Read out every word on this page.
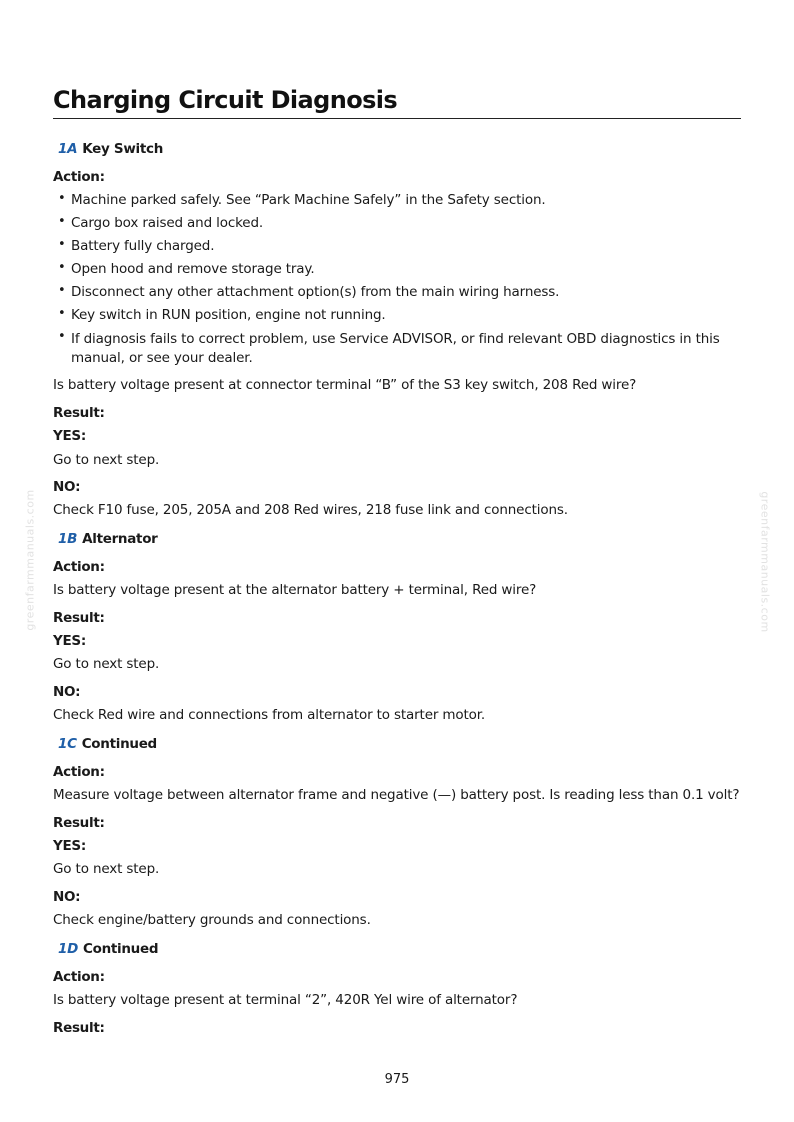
Charging Circuit Diagnosis
1A Key Switch
Action:
• Machine parked safely. See “Park Machine Safely” in the Safety section.
• Cargo box raised and locked.
• Battery fully charged.
• Open hood and remove storage tray.
• Disconnect any other attachment option(s) from the main wiring harness.
• Key switch in RUN position, engine not running.
• If diagnosis fails to correct problem, use Service ADVISOR, or find relevant OBD diagnostics in this manual, or see your dealer.
Is battery voltage present at connector terminal “B” of the S3 key switch, 208 Red wire?
Result:
YES:
Go to next step.
NO:
Check F10 fuse, 205, 205A and 208 Red wires, 218 fuse link and connections.
1B Alternator
Action:
Is battery voltage present at the alternator battery + terminal, Red wire?
Result:
YES:
Go to next step.
NO:
Check Red wire and connections from alternator to starter motor.
1C Continued
Action:
Measure voltage between alternator frame and negative (—) battery post. Is reading less than 0.1 volt?
Result:
YES:
Go to next step.
NO:
Check engine/battery grounds and connections.
1D Continued
Action:
Is battery voltage present at terminal “2”, 420R Yel wire of alternator?
Result:
greenfarmmanuals.com	greenfarmmanuals.com
975
